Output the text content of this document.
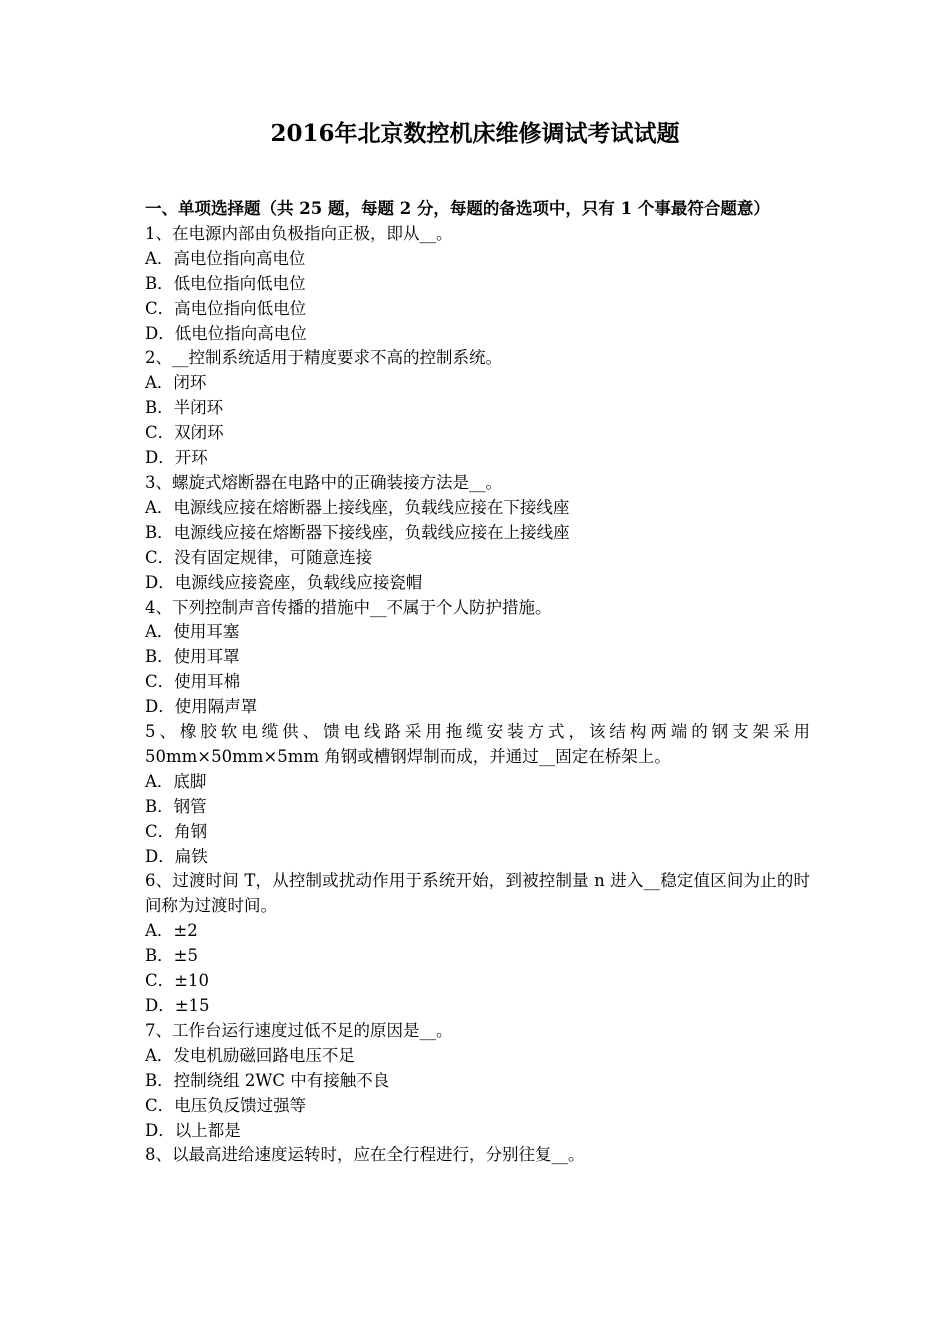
2016年北京数控机床维修调试考试试题
一、单项选择题（共 25 题，每题 2 分，每题的备选项中，只有 1 个事最符合题意）
1、在电源内部由负极指向正极，即从__。
A．高电位指向高电位
B．低电位指向低电位
C．高电位指向低电位
D．低电位指向高电位
2、__控制系统适用于精度要求不高的控制系统。
A．闭环
B．半闭环
C．双闭环
D．开环
3、螺旋式熔断器在电路中的正确装接方法是__。
A．电源线应接在熔断器上接线座，负载线应接在下接线座
B．电源线应接在熔断器下接线座，负载线应接在上接线座
C．没有固定规律，可随意连接
D．电源线应接瓷座，负载线应接瓷帽
4、下列控制声音传播的措施中__不属于个人防护措施。
A．使用耳塞
B．使用耳罩
C．使用耳棉
D．使用隔声罩
5、橡胶软电缆供、馈电线路采用拖缆安装方式，该结构两端的钢支架采用 50mm×50mm×5mm 角钢或槽钢焊制而成，并通过__固定在桥架上。
A．底脚
B．钢管
C．角钢
D．扁铁
6、过渡时间 T，从控制或扰动作用于系统开始，到被控制量 n 进入__稳定值区间为止的时间称为过渡时间。
A．±2
B．±5
C．±10
D．±15
7、工作台运行速度过低不足的原因是__。
A．发电机励磁回路电压不足
B．控制绕组 2WC 中有接触不良
C．电压负反馈过强等
D．以上都是
8、以最高进给速度运转时，应在全行程进行，分别往复__。
